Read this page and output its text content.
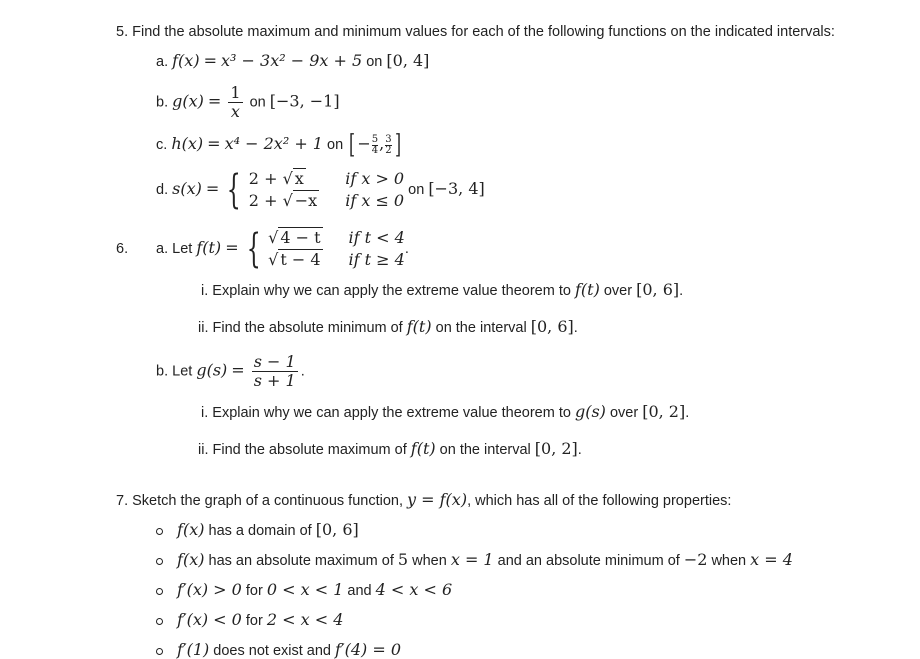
5. Find the absolute maximum and minimum values for each of the following functions on the indicated intervals:
a. f(x) = x³ − 3x² − 9x + 5 on [0, 4]
b. $g(x) = \frac{1}{x}$ on [−3, −1]
c. h(x) = x⁴ − 2x² + 1 on [ − $\frac{5}{4}$ , $\frac{3}{2}$ ]
d. s(x) = { 2 + √ x	if x > 0
2 + √ −x if x ≤ 0
on [−3, 4]
6. a. Let f(t) = { √ 4 − t if t < 4
√ t − 4 if t ≥ 4
.
i. Explain why we can apply the extreme value theorem to f(t) over [0, 6].
ii. Find the absolute minimum of f(t) on the interval [0, 6].
b. Let $g(s) = \frac{s - 1}{s + 1}$ .
i. Explain why we can apply the extreme value theorem to g(s) over [0, 2].
ii. Find the absolute maximum of f(t) on the interval [0, 2].
7. Sketch the graph of a continuous function, y = f(x), which has all of the following properties:
f(x) has a domain of [0, 6]
f(x) has an absolute maximum of 5 when x = 1 and an absolute minimum of −2 when x = 4
f′(x) > 0 for 0 < x < 1 and 4 < x < 6
f′(x) < 0 for 2 < x < 4
f′(1) does not exist and f′(4) = 0
